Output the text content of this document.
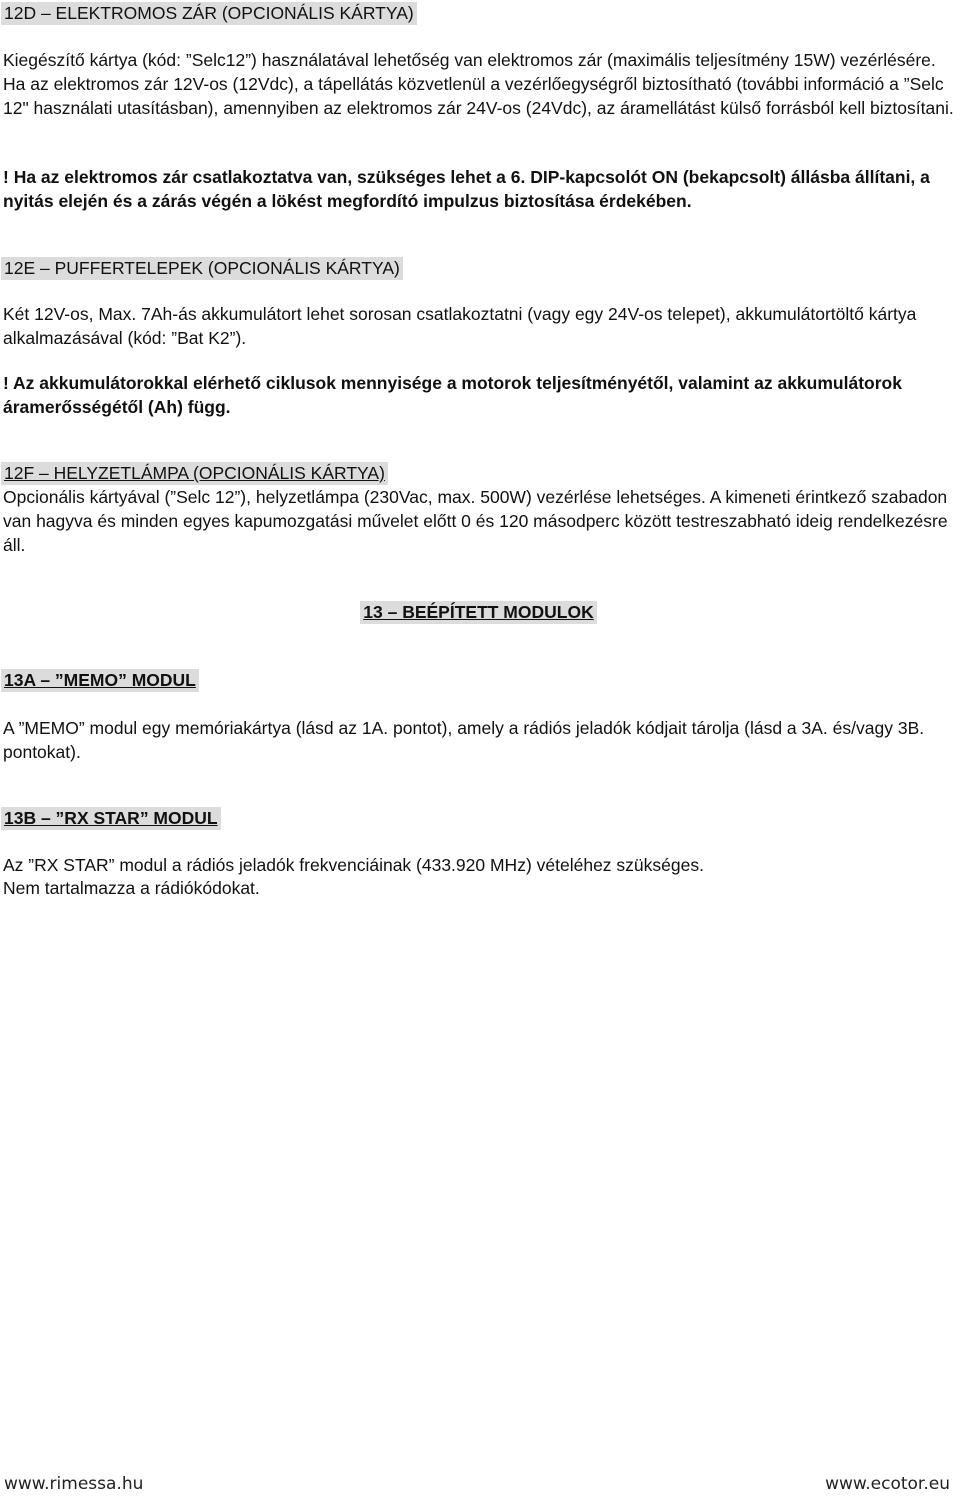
12D – ELEKTROMOS ZÁR (OPCIONÁLIS KÁRTYA)
Kiegészítő kártya (kód: ”Selc12”) használatával lehetőség van elektromos zár (maximális teljesítmény 15W) vezérlésére. Ha az elektromos zár 12V-os (12Vdc), a tápellátás közvetlenül a vezérlőegységről biztosítható (további információ a ”Selc 12" használati utasításban), amennyiben az elektromos zár 24V-os (24Vdc), az áramellátást külső forrásból kell biztosítani.
! Ha az elektromos zár csatlakoztatva van, szükséges lehet a 6. DIP-kapcsolót ON (bekapcsolt) állásba állítani, a nyitás elején és a zárás végén a lökést megfordító impulzus biztosítása érdekében.
12E – PUFFERTELEPEK (OPCIONÁLIS KÁRTYA)
Két 12V-os, Max. 7Ah-ás akkumulátort lehet sorosan csatlakoztatni (vagy egy 24V-os telepet), akkumulátortöltő kártya alkalmazásával (kód: ”Bat K2”).
! Az akkumulátorokkal elérhető ciklusok mennyisége a motorok teljesítményétől, valamint az akkumulátorok áramerősségétől (Ah) függ.
12F – HELYZETLÁMPA (OPCIONÁLIS KÁRTYA)
Opcionális kártyával (”Selc 12”), helyzetlámpa (230Vac, max. 500W) vezérlése lehetséges. A kimeneti érintkező szabadon van hagyva és minden egyes kapumozgatási művelet előtt 0 és 120 másodperc között testreszabható ideig rendelkezésre áll.
13 – BEÉPÍTETT MODULOK
13A – ”MEMO” MODUL
A ”MEMO” modul egy memóriakártya (lásd az 1A. pontot), amely a rádiós jeladók kódjait tárolja (lásd a 3A. és/vagy 3B. pontokat).
13B – ”RX STAR” MODUL
Az ”RX STAR” modul a rádiós jeladók frekvenciáinak (433.920 MHz) vételéhez szükséges.
Nem tartalmazza a rádiókódokat.
www.rimessa.hu	www.ecotor.eu
